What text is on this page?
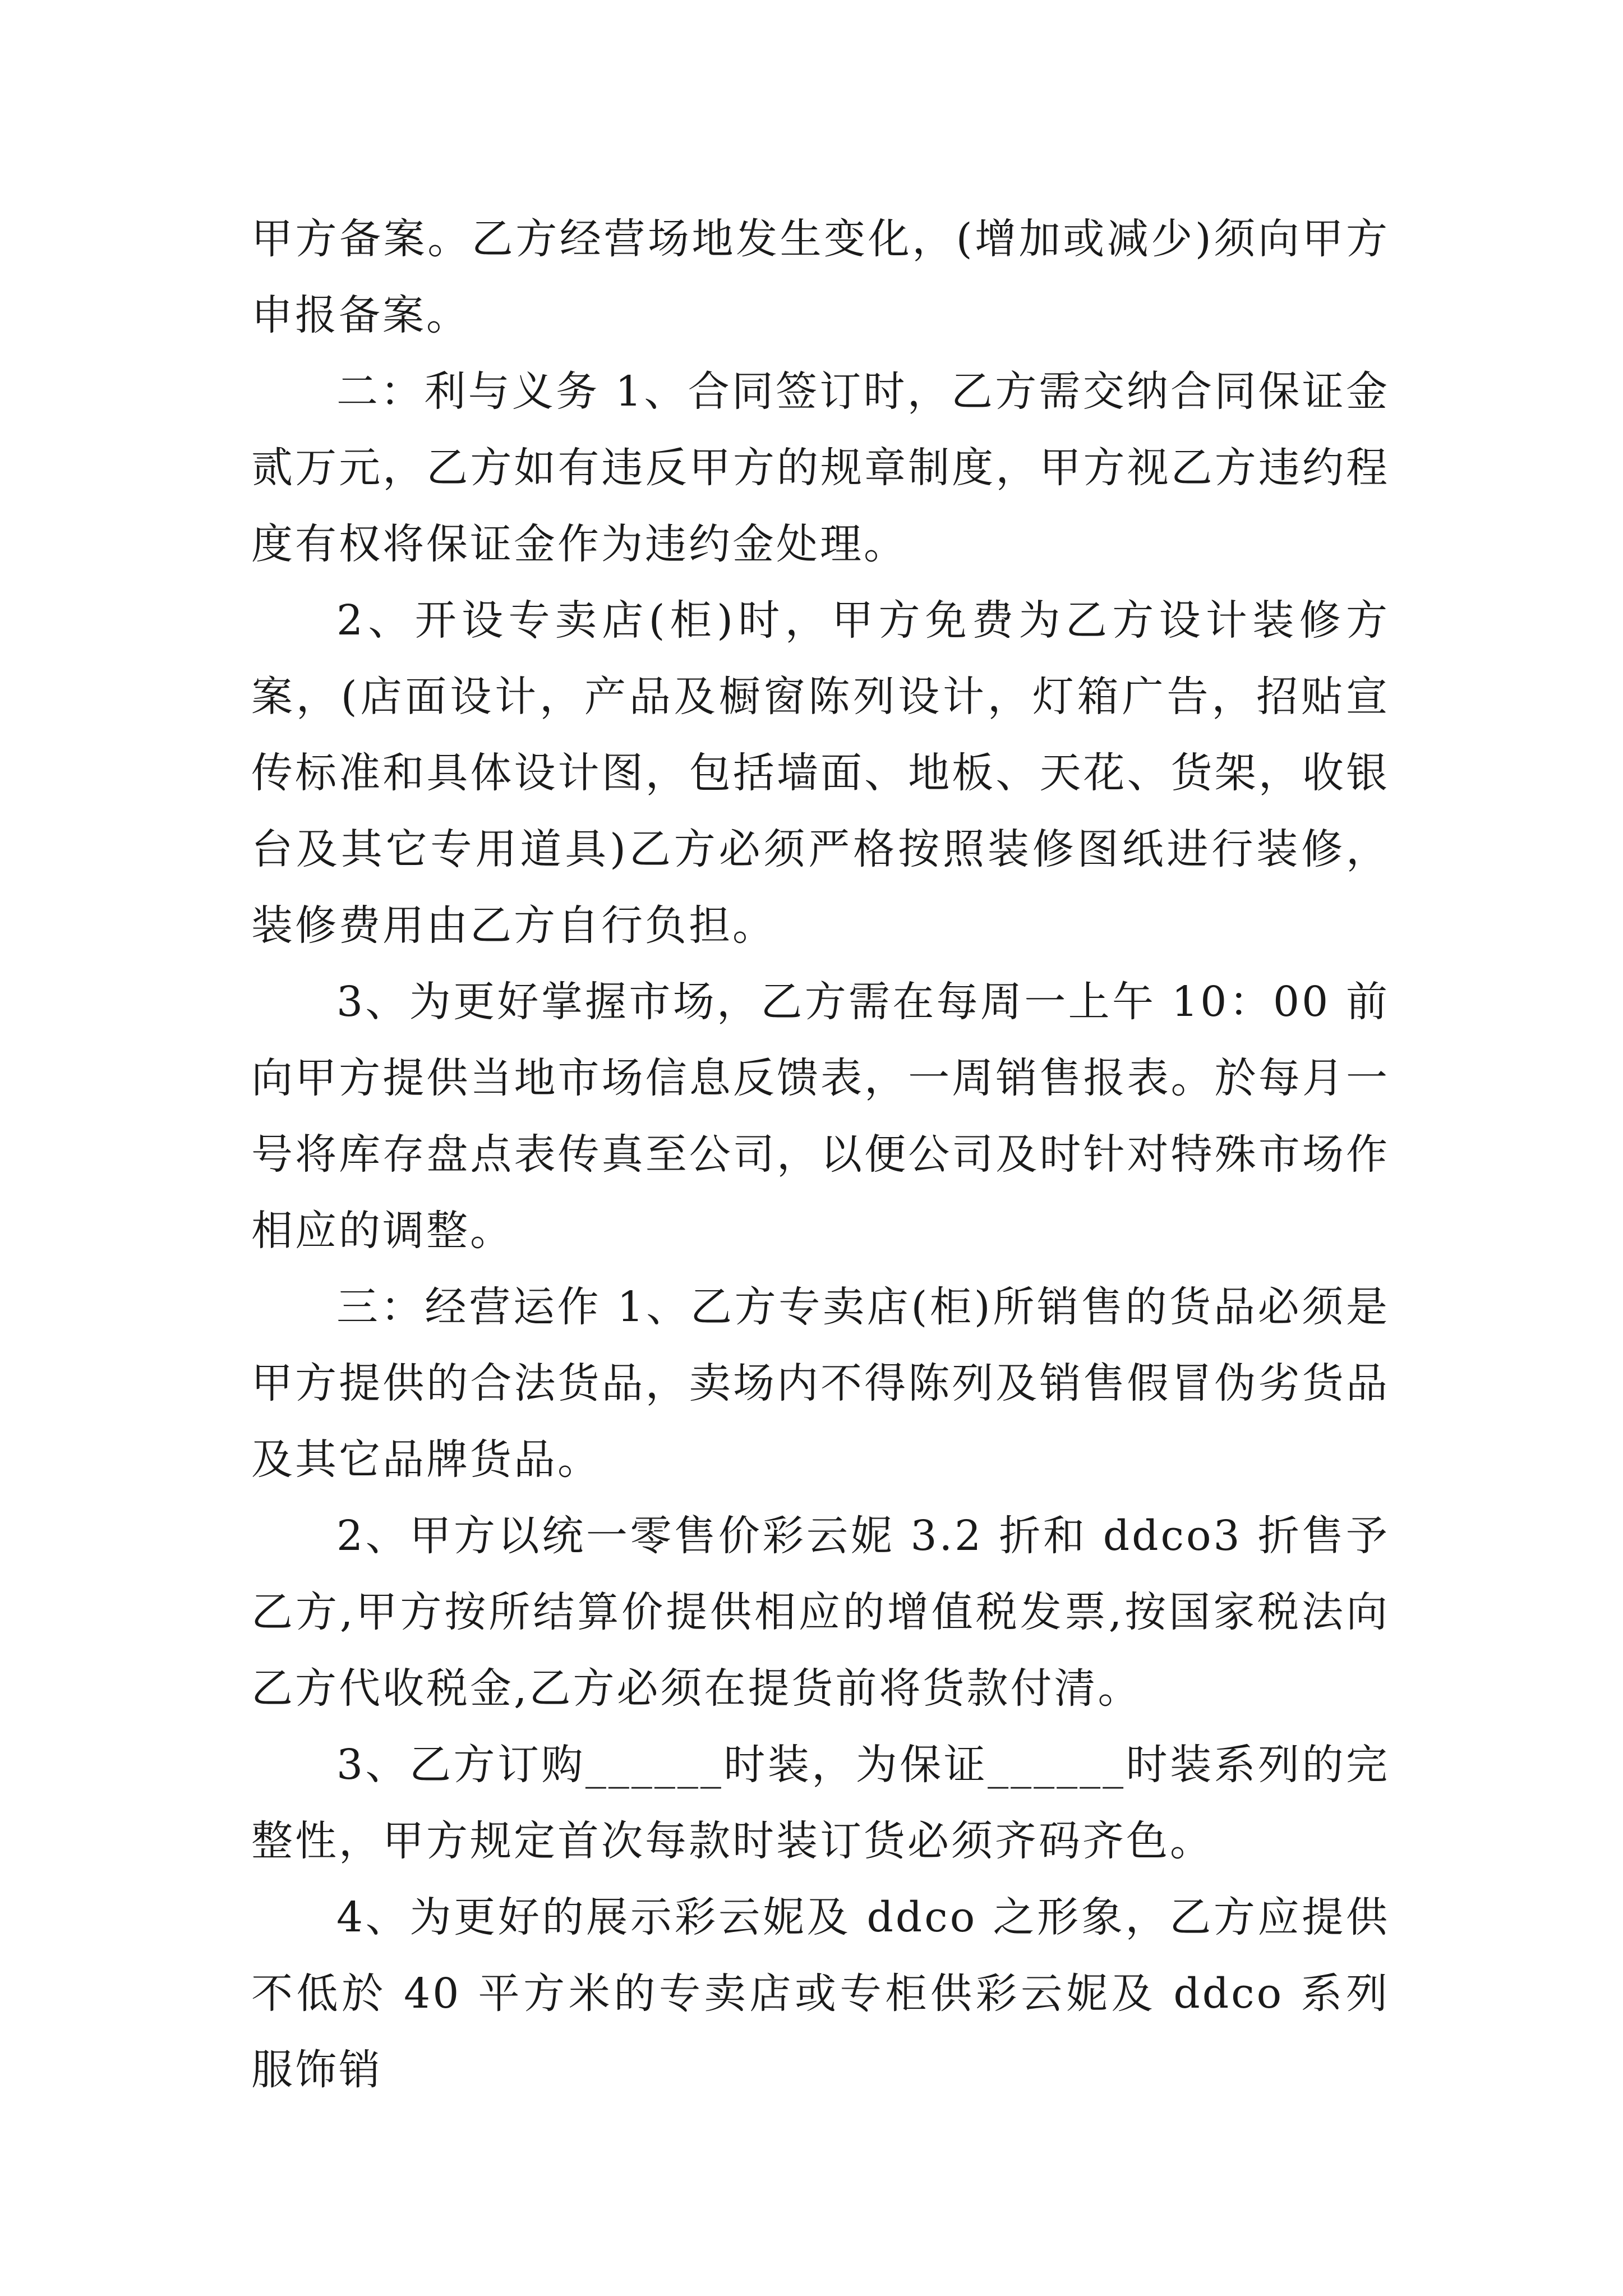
甲方备案。乙方经营场地发生变化，(增加或减少)须向甲方申报备案。

二：利与义务 1、合同签订时，乙方需交纳合同保证金贰万元，乙方如有违反甲方的规章制度，甲方视乙方违约程度有权将保证金作为违约金处理。

2、开设专卖店(柜)时，甲方免费为乙方设计装修方案，(店面设计，产品及橱窗陈列设计，灯箱广告，招贴宣传标准和具体设计图，包括墙面、地板、天花、货架，收银台及其它专用道具)乙方必须严格按照装修图纸进行装修，装修费用由乙方自行负担。

3、为更好掌握市场，乙方需在每周一上午 10：00 前向甲方提供当地市场信息反馈表，一周销售报表。於每月一号将库存盘点表传真至公司，以便公司及时针对特殊市场作相应的调整。

三：经营运作 1、乙方专卖店(柜)所销售的货品必须是甲方提供的合法货品，卖场内不得陈列及销售假冒伪劣货品及其它品牌货品。

2、甲方以统一零售价彩云妮 3.2 折和 ddco3 折售予乙方,甲方按所结算价提供相应的增值税发票,按国家税法向乙方代收税金,乙方必须在提货前将货款付清。

3、乙方订购______时装，为保证______时装系列的完整性，甲方规定首次每款时装订货必须齐码齐色。

4、为更好的展示彩云妮及 ddco 之形象，乙方应提供不低於 40 平方米的专卖店或专柜供彩云妮及 ddco 系列服饰销
